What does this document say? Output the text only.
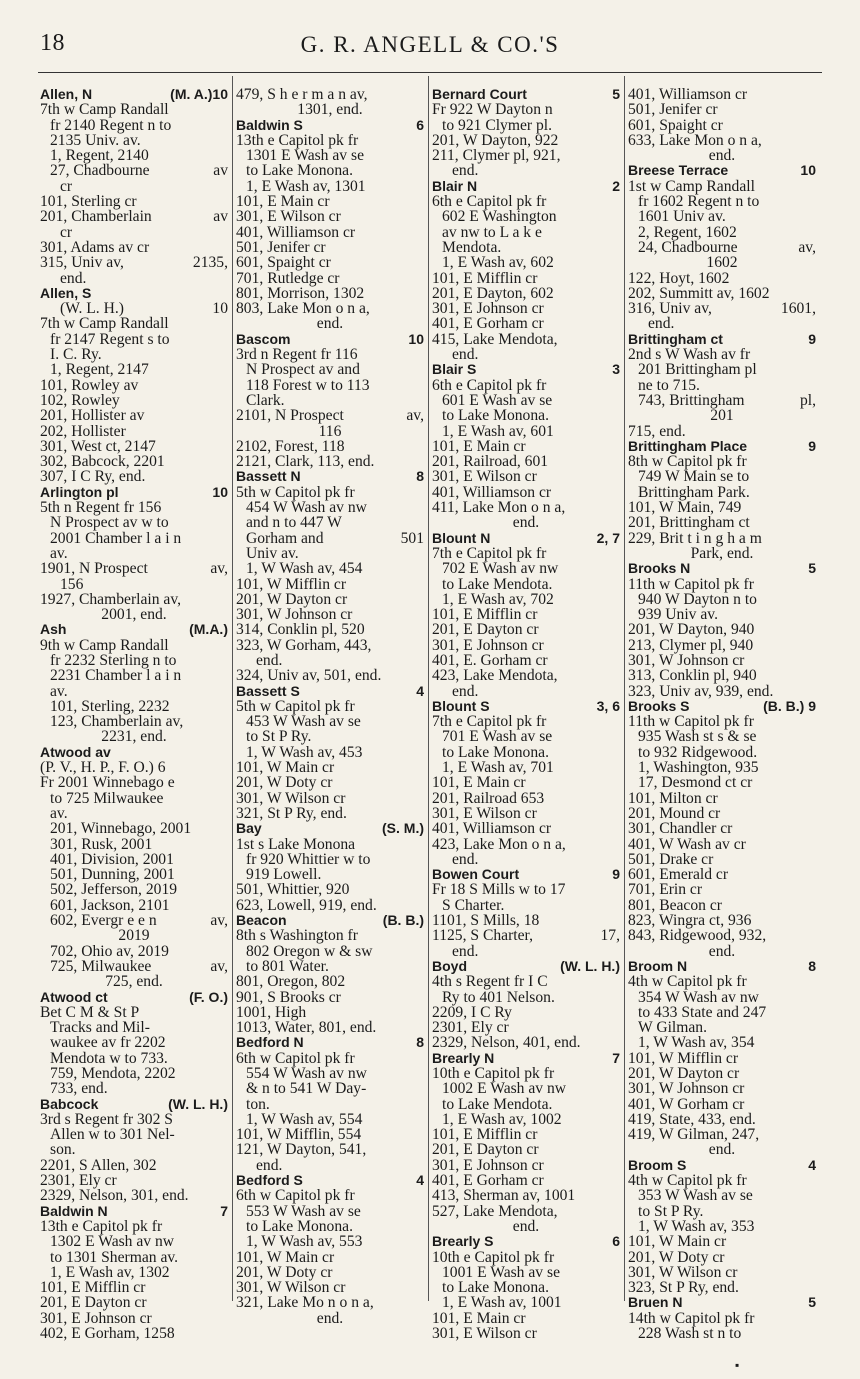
18	G. R. ANGELL & CO.'S
Allen, N	(M. A.)10
7th w Camp Randall
fr 2140 Regent n to
2135 Univ. av.
1, Regent, 2140
27, Chadbourne	av
cr
101, Sterling cr
201, Chamberlain	av
cr
301, Adams av cr
315, Univ av,	2135,
end.
Allen, S
(W. L. H.)	10
7th w Camp Randall
fr 2147 Regent s to
I. C. Ry.
1, Regent, 2147
101, Rowley av
102, Rowley
201, Hollister av
202, Hollister
301, West ct, 2147
302, Babcock, 2201
307, I C Ry, end.
Arlington pl	10
5th n Regent fr 156
N Prospect av w to
2001 Chamber l a i n
av.
1901, N Prospect	av,
156
1927, Chamberlain av,
2001, end.
Ash	(M.A.)
9th w Camp Randall
fr 2232 Sterling n to
2231 Chamber l a i n
av.
101, Sterling, 2232
123, Chamberlain av,
2231, end.
Atwood av
(P. V., H. P., F. O.) 6
Fr 2001 Winnebago e
to 725 Milwaukee
av.
201, Winnebago, 2001
301, Rusk, 2001
401, Division, 2001
501, Dunning, 2001
502, Jefferson, 2019
601, Jackson, 2101
602, Evergr e e n	av,
2019
702, Ohio av, 2019
725, Milwaukee	av,
725, end.
Atwood ct	(F. O.)
Bet C M & St P
Tracks and Mil-
waukee av fr 2202
Mendota w to 733.
759, Mendota, 2202
733, end.
Babcock	(W. L. H.)
3rd s Regent fr 302 S
Allen w to 301 Nel-
son.
2201, S Allen, 302
2301, Ely cr
2329, Nelson, 301, end.
Baldwin N	7
13th e Capitol pk fr
1302 E Wash av nw
to 1301 Sherman av.
1, E Wash av, 1302
101, E Mifflin cr
201, E Dayton cr
301, E Johnson cr
402, E Gorham, 1258
479, S h e r m a n av,
1301, end.
Baldwin S	6
13th e Capitol pk fr
1301 E Wash av se
to Lake Monona.
1, E Wash av, 1301
101, E Main cr
301, E Wilson cr
401, Williamson cr
501, Jenifer cr
601, Spaight cr
701, Rutledge cr
801, Morrison, 1302
803, Lake Mon o n a,
end.
Bascom	10
3rd n Regent fr 116
N Prospect av and
118 Forest w to 113
Clark.
2101, N Prospect	av,
116
2102, Forest, 118
2121, Clark, 113, end.
Bassett N	8
5th w Capitol pk fr
454 W Wash av nw
and n to 447 W
Gorham and	501
Univ av.
1, W Wash av, 454
101, W Mifflin cr
201, W Dayton cr
301, W Johnson cr
314, Conklin pl, 520
323, W Gorham, 443,
end.
324, Univ av, 501, end.
Bassett S	4
5th w Capitol pk fr
453 W Wash av se
to St P Ry.
1, W Wash av, 453
101, W Main cr
201, W Doty cr
301, W Wilson cr
321, St P Ry, end.
Bay	(S. M.)
1st s Lake Monona
fr 920 Whittier w to
919 Lowell.
501, Whittier, 920
623, Lowell, 919, end.
Beacon	(B. B.)
8th s Washington fr
802 Oregon w & sw
to 801 Water.
801, Oregon, 802
901, S Brooks cr
1001, High
1013, Water, 801, end.
Bedford N	8
6th w Capitol pk fr
554 W Wash av nw
& n to 541 W Day-
ton.
1, W Wash av, 554
101, W Mifflin, 554
121, W Dayton, 541,
end.
Bedford S	4
6th w Capitol pk fr
553 W Wash av se
to Lake Monona.
1, W Wash av, 553
101, W Main cr
201, W Doty cr
301, W Wilson cr
321, Lake Mo n o n a,
end.
Bernard Court	5
Fr 922 W Dayton n
to 921 Clymer pl.
201, W Dayton, 922
211, Clymer pl, 921,
end.
Blair N	2
6th e Capitol pk fr
602 E Washington
av nw to L a k e
Mendota.
1, E Wash av, 602
101, E Mifflin cr
201, E Dayton, 602
301, E Johnson cr
401, E Gorham cr
415, Lake Mendota,
end.
Blair S	3
6th e Capitol pk fr
601 E Wash av se
to Lake Monona.
1, E Wash av, 601
101, E Main cr
201, Railroad, 601
301, E Wilson cr
401, Williamson cr
411, Lake Mon o n a,
end.
Blount N	2, 7
7th e Capitol pk fr
702 E Wash av nw
to Lake Mendota.
1, E Wash av, 702
101, E Mifflin cr
201, E Dayton cr
301, E Johnson cr
401, E. Gorham cr
423, Lake Mendota,
end.
Blount S	3, 6
7th e Capitol pk fr
701 E Wash av se
to Lake Monona.
1, E Wash av, 701
101, E Main cr
201, Railroad 653
301, E Wilson cr
401, Williamson cr
423, Lake Mon o n a,
end.
Bowen Court	9
Fr 18 S Mills w to 17
S Charter.
1101, S Mills, 18
1125, S Charter,	17,
end.
Boyd	(W. L. H.)
4th s Regent fr I C
Ry to 401 Nelson.
2209, I C Ry
2301, Ely cr
2329, Nelson, 401, end.
Brearly N	7
10th e Capitol pk fr
1002 E Wash av nw
to Lake Mendota.
1, E Wash av, 1002
101, E Mifflin cr
201, E Dayton cr
301, E Johnson cr
401, E Gorham cr
413, Sherman av, 1001
527, Lake Mendota,
end.
Brearly S	6
10th e Capitol pk fr
1001 E Wash av se
to Lake Monona.
1, E Wash av, 1001
101, E Main cr
301, E Wilson cr
401, Williamson cr
501, Jenifer cr
601, Spaight cr
633, Lake Mon o n a,
end.
Breese Terrace	10
1st w Camp Randall
fr 1602 Regent n to
1601 Univ av.
2, Regent, 1602
24, Chadbourne	av,
1602
122, Hoyt, 1602
202, Summitt av, 1602
316, Univ av,	1601,
end.
Brittingham ct	9
2nd s W Wash av fr
201 Brittingham pl
ne to 715.
743, Brittingham	pl,
201
715, end.
Brittingham Place	9
8th w Capitol pk fr
749 W Main se to
Brittingham Park.
101, W Main, 749
201, Brittingham ct
229, Brit t i n g h a m
Park, end.
Brooks N	5
11th w Capitol pk fr
940 W Dayton n to
939 Univ av.
201, W Dayton, 940
213, Clymer pl, 940
301, W Johnson cr
313, Conklin pl, 940
323, Univ av, 939, end.
Brooks S	(B. B.) 9
11th w Capitol pk fr
935 Wash st s & se
to 932 Ridgewood.
1, Washington, 935
17, Desmond ct cr
101, Milton cr
201, Mound cr
301, Chandler cr
401, W Wash av cr
501, Drake cr
601, Emerald cr
701, Erin cr
801, Beacon cr
823, Wingra ct, 936
843, Ridgewood, 932,
end.
Broom N	8
4th w Capitol pk fr
354 W Wash av nw
to 433 State and 247
W Gilman.
1, W Wash av, 354
101, W Mifflin cr
201, W Dayton cr
301, W Johnson cr
401, W Gorham cr
419, State, 433, end.
419, W Gilman, 247,
end.
Broom S	4
4th w Capitol pk fr
353 W Wash av se
to St P Ry.
1, W Wash av, 353
101, W Main cr
201, W Doty cr
301, W Wilson cr
323, St P Ry, end.
Bruen N	5
14th w Capitol pk fr
228 Wash st n to
▪
